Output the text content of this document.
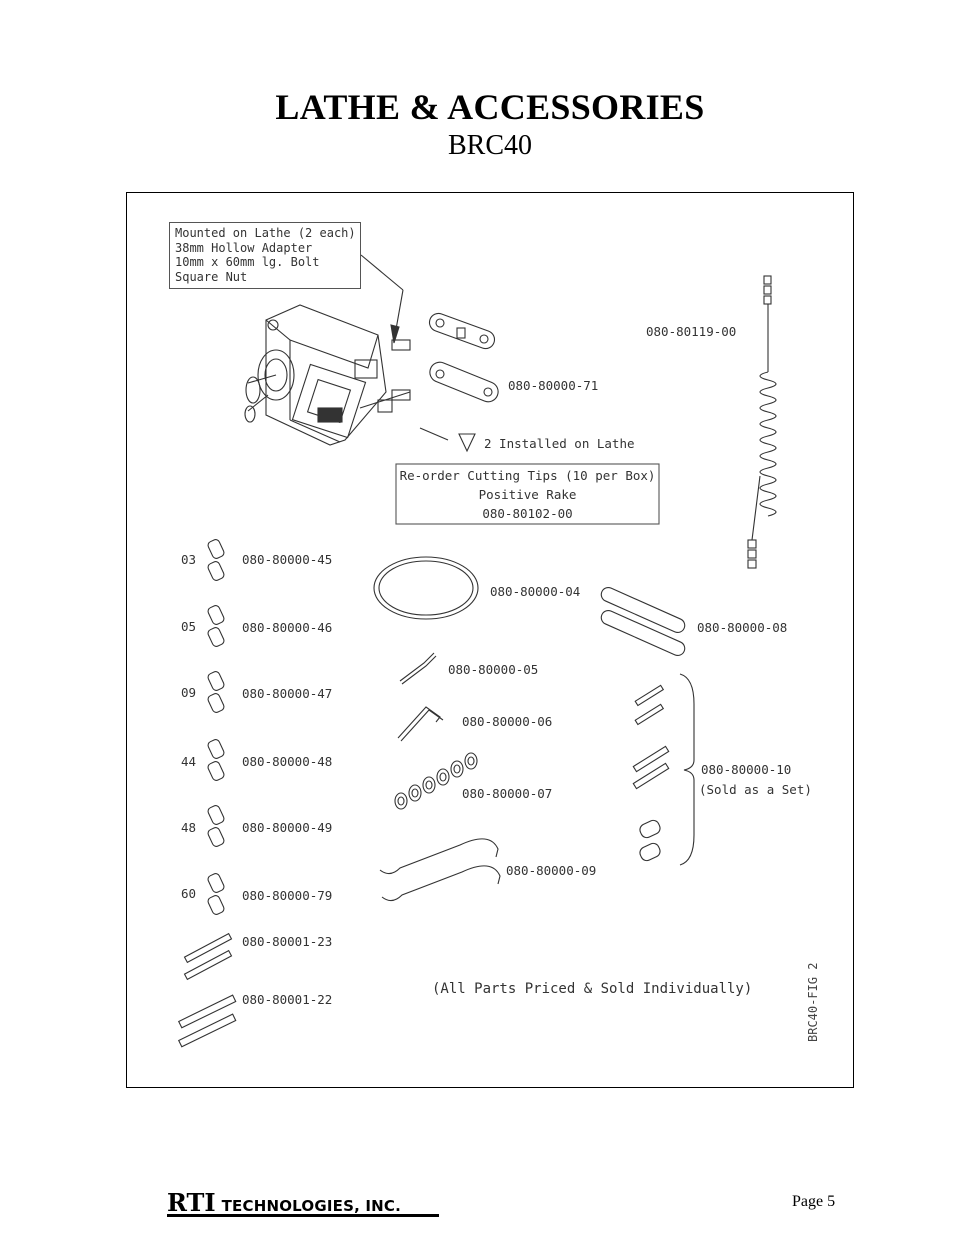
LATHE & ACCESSORIES
BRC40
Mounted on Lathe (2 each)
38mm Hollow Adapter
10mm x 60mm lg. Bolt
Square Nut
Re-order Cutting Tips (10 per Box)
Positive Rake
080-80102-00
080-80119-00
080-80000-71
2 Installed on Lathe
080-80000-04
080-80000-08
080-80000-05
080-80000-06
080-80000-07
080-80000-09
080-80000-10
(Sold as a Set)
03	080-80000-45
05	080-80000-46
09	080-80000-47
44	080-80000-48
48	080-80000-49
60	080-80000-79
080-80001-23
080-80001-22
(All Parts Priced & Sold Individually)	BRC40-FIG 2
RTI TECHNOLOGIES, INC.	Page 5
